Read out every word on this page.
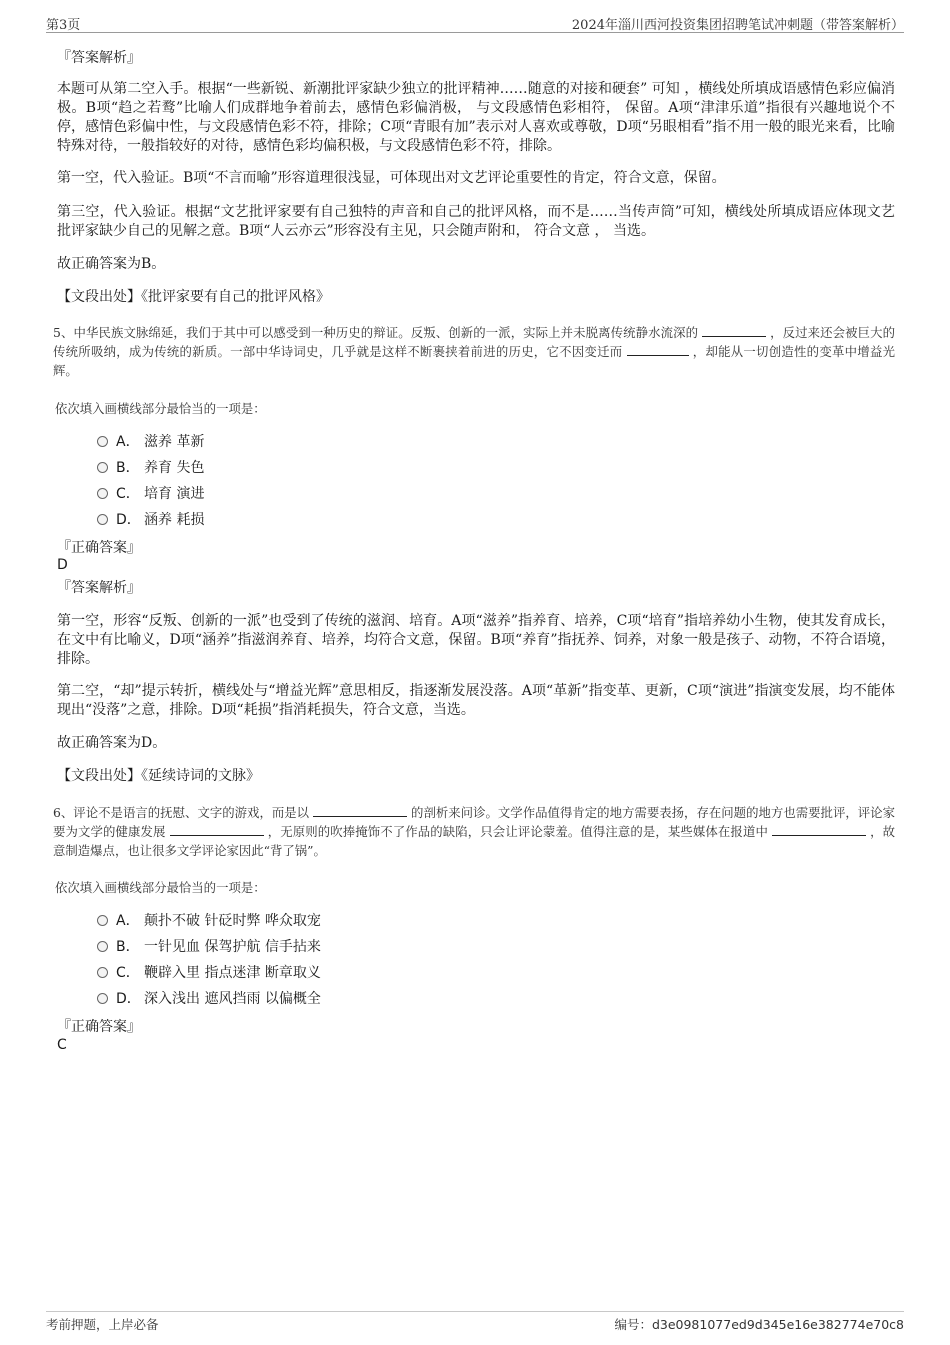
第3页	2024年淄川西河投资集团招聘笔试冲刺题（带答案解析）
『答案解析』
本题可从第二空入手。根据“一些新锐、新潮批评家缺少独立的批评精神……随意的对接和硬套” 可知 ，横线处所填成语感情色彩应偏消极。B项“趋之若鹜”比喻人们成群地争着前去，感情色彩偏消极， 与文段感情色彩相符， 保留。A项“津津乐道”指很有兴趣地说个不停，感情色彩偏中性，与文段感情色彩不符，排除；C项“青眼有加”表示对人喜欢或尊敬，D项“另眼相看”指不用一般的眼光来看，比喻特殊对待，一般指较好的对待，感情色彩均偏积极，与文段感情色彩不符，排除。
第一空，代入验证。B项“不言而喻”形容道理很浅显，可体现出对文艺评论重要性的肯定，符合文意，保留。
第三空，代入验证。根据“文艺批评家要有自己独特的声音和自己的批评风格，而不是……当传声筒”可知，横线处所填成语应体现文艺批评家缺少自己的见解之意。B项“人云亦云”形容没有主见，只会随声附和， 符合文意 ， 当选。
故正确答案为B。
【文段出处】《批评家要有自己的批评风格》
5、中华民族文脉绵延，我们于其中可以感受到一种历史的辩证。反叛、创新的一派，实际上并未脱离传统静水流深的	，反过来还会被巨大的传统所吸纳，成为传统的新质。一部中华诗词史，几乎就是这样不断裹挟着前进的历史，它不因变迁而	，却能从一切创造性的变革中增益光辉。
依次填入画横线部分最恰当的一项是：
A． 滋养 革新
B． 养育 失色
C． 培育 演进
D． 涵养 耗损
『正确答案』
D
『答案解析』
第一空，形容“反叛、创新的一派”也受到了传统的滋润、培育。A项“滋养”指养育、培养，C项“培育”指培养幼小生物，使其发育成长，在文中有比喻义，D项“涵养”指滋润养育、培养，均符合文意，保留。B项“养育”指抚养、饲养，对象一般是孩子、动物，不符合语境，排除。
第二空，“却”提示转折，横线处与“增益光辉”意思相反，指逐渐发展没落。A项“革新”指变革、更新，C项“演进”指演变发展，均不能体现出“没落”之意，排除。D项“耗损”指消耗损失，符合文意，当选。
故正确答案为D。
【文段出处】《延续诗词的文脉》
6、评论不是语言的抚慰、文字的游戏，而是以	的剖析来问诊。文学作品值得肯定的地方需要表扬，存在问题的地方也需要批评，评论家要为文学的健康发展	，无原则的吹捧掩饰不了作品的缺陷，只会让评论蒙羞。值得注意的是，某些媒体在报道中	，故意制造爆点，也让很多文学评论家因此“背了锅”。
依次填入画横线部分最恰当的一项是：
A． 颠扑不破 针砭时弊 哗众取宠
B． 一针见血 保驾护航 信手拈来
C． 鞭辟入里 指点迷津 断章取义
D． 深入浅出 遮风挡雨 以偏概全
『正确答案』
C
考前押题，上岸必备	编号：d3e0981077ed9d345e16e382774e70c8
